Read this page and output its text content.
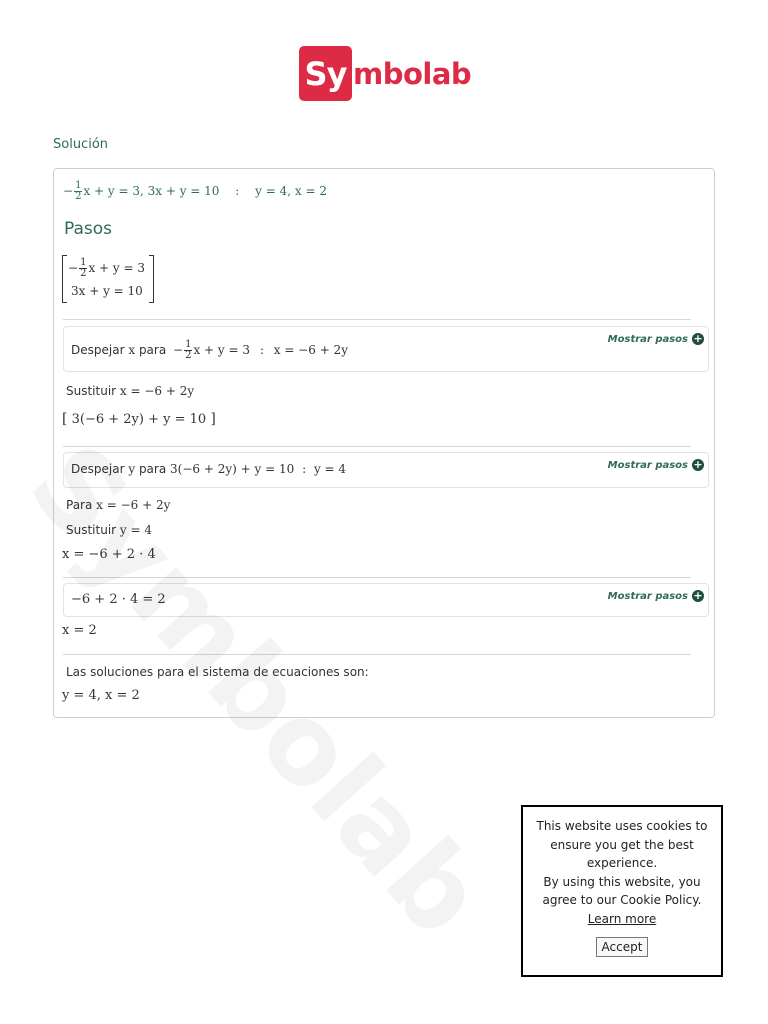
Sy mbolab
Solución
− $\frac{1}{2}$ x + y = 3, 3x + y = 10 : y = 4, x = 2
Pasos
− $\frac{1}{2}$ x + y = 3
3x + y = 10
Despejar x para − $\frac{1}{2}$ x + y = 3 : x = −6 + 2y
Mostrar pasos +
Sustituir x = −6 + 2y
[ 3(−6 + 2y) + y = 10 ]
Despejar y para 3(−6 + 2y) + y = 10 : y = 4	Mostrar pasos +
Para x = −6 + 2y
Sustituir y = 4
x = −6 + 2 · 4
−6 + 2 · 4 = 2	Mostrar pasos +
x = 2
Las soluciones para el sistema de ecuaciones son:
y = 4, x = 2
This website uses cookies to
ensure you get the best
experience.
By using this website, you
agree to our Cookie Policy.
Learn more
Accept
